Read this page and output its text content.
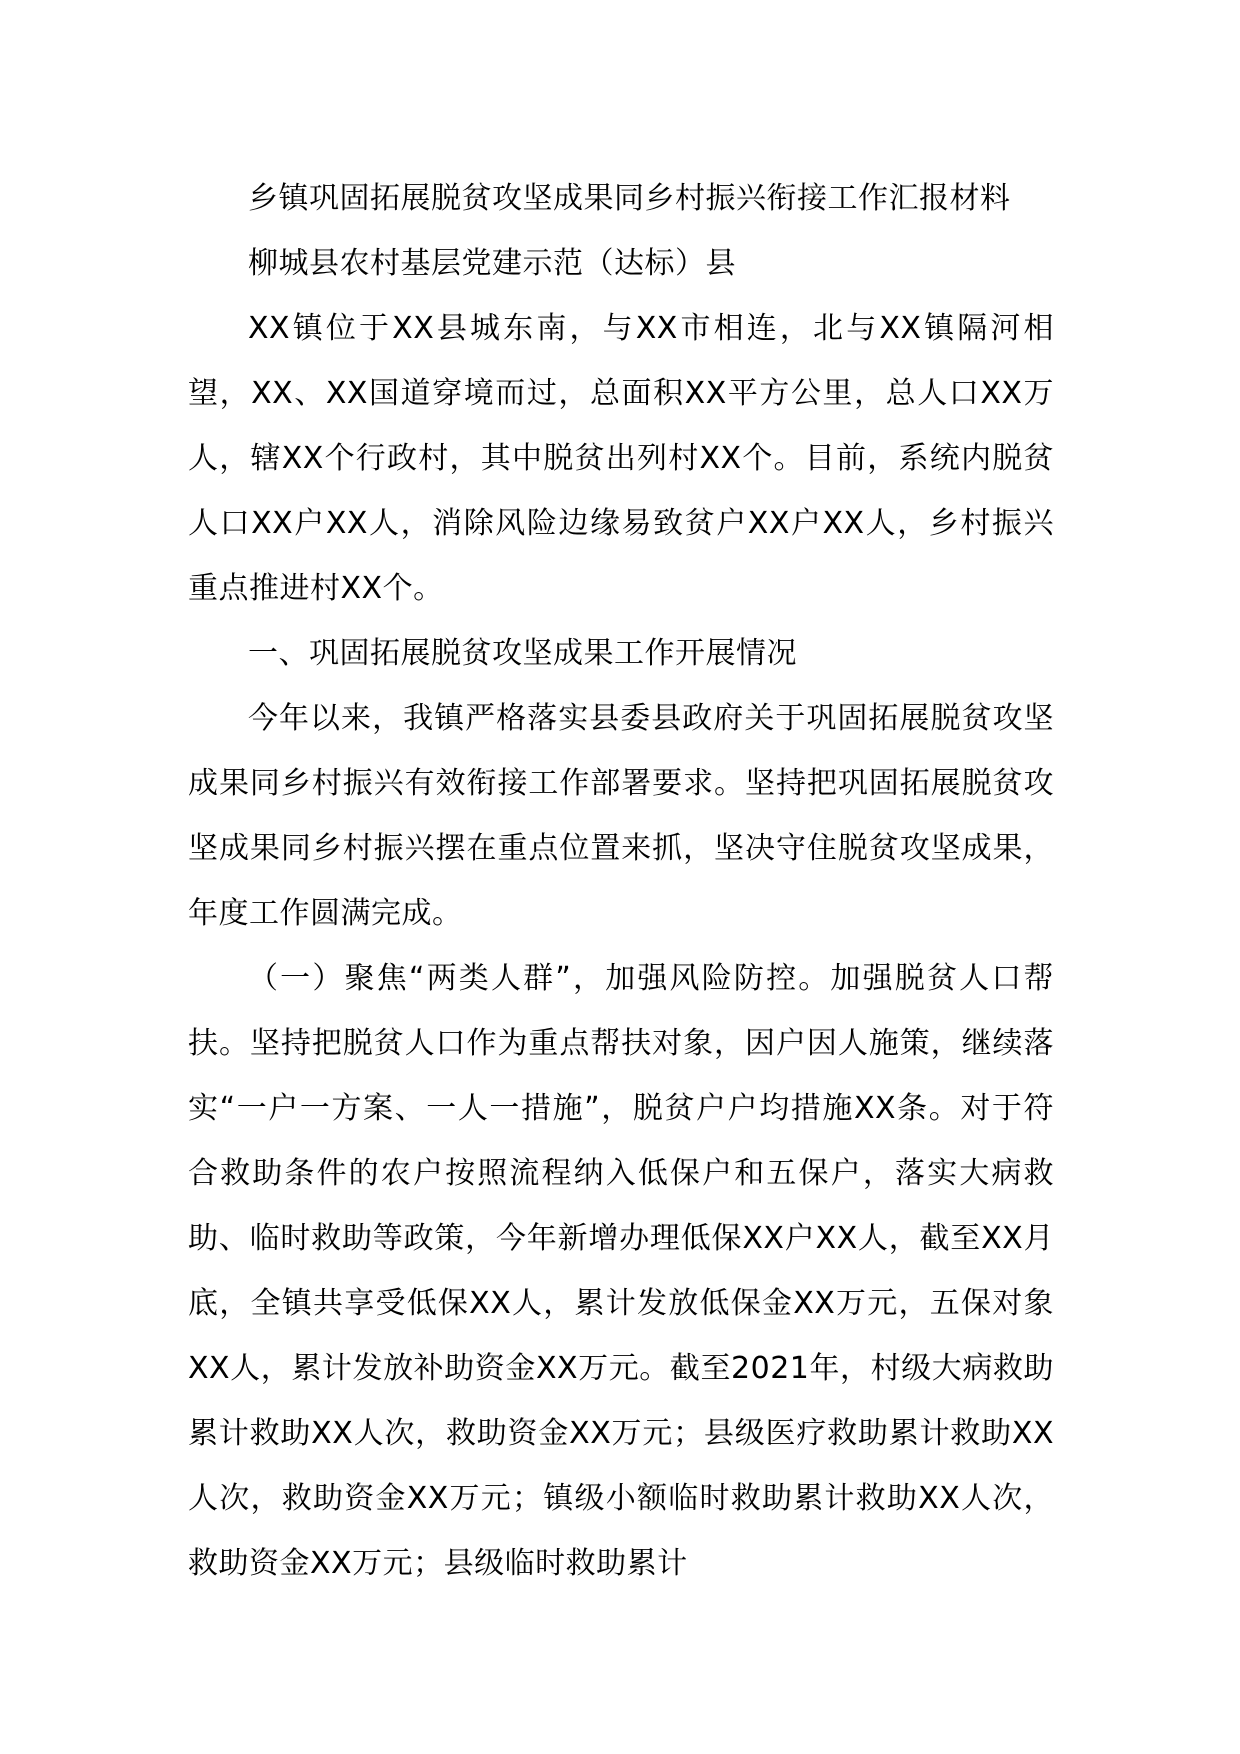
乡镇巩固拓展脱贫攻坚成果同乡村振兴衔接工作汇报材料

柳城县农村基层党建示范（达标）县

XX镇位于XX县城东南，与XX市相连，北与XX镇隔河相望，XX、XX国道穿境而过，总面积XX平方公里，总人口XX万人，辖XX个行政村，其中脱贫出列村XX个。目前，系统内脱贫人口XX户XX人，消除风险边缘易致贫户XX户XX人，乡村振兴重点推进村XX个。

一、巩固拓展脱贫攻坚成果工作开展情况

今年以来，我镇严格落实县委县政府关于巩固拓展脱贫攻坚成果同乡村振兴有效衔接工作部署要求。坚持把巩固拓展脱贫攻坚成果同乡村振兴摆在重点位置来抓，坚决守住脱贫攻坚成果，年度工作圆满完成。

（一）聚焦“两类人群”，加强风险防控。加强脱贫人口帮扶。坚持把脱贫人口作为重点帮扶对象，因户因人施策，继续落实“一户一方案、一人一措施”，脱贫户户均措施XX条。对于符合救助条件的农户按照流程纳入低保户和五保户，落实大病救助、临时救助等政策，今年新增办理低保XX户XX人，截至XX月底，全镇共享受低保XX人，累计发放低保金XX万元，五保对象XX人，累计发放补助资金XX万元。截至2021年，村级大病救助累计救助XX人次，救助资金XX万元；县级医疗救助累计救助XX人次，救助资金XX万元；镇级小额临时救助累计救助XX人次，救助资金XX万元；县级临时救助累计
